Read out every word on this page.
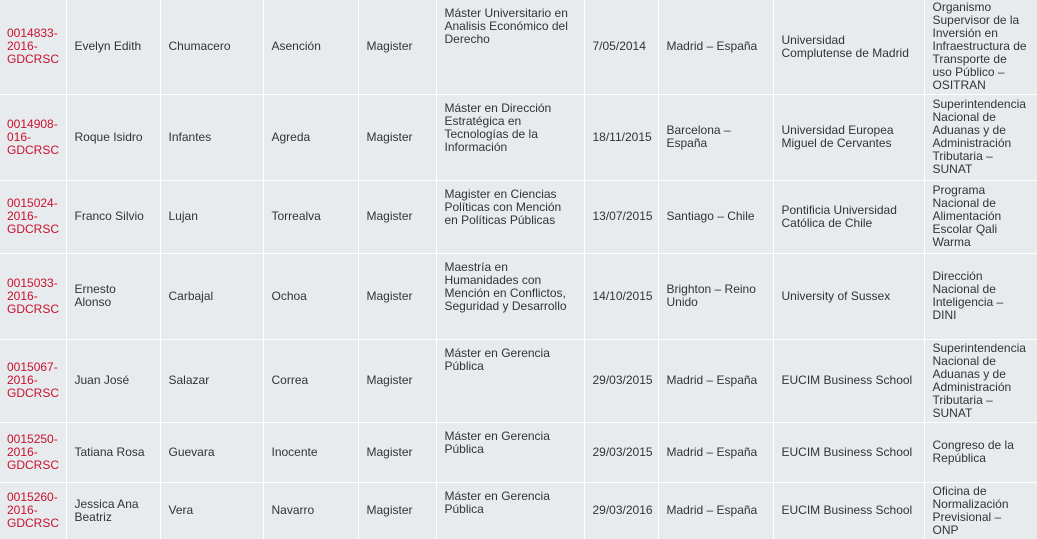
0014833-2016-GDCRSC	Evelyn Edith	Chumacero	Asención	Magister	Máster Universitario en Analisis Económico del Derecho	7/05/2014	Madrid – España	Universidad Complutense de Madrid	Organismo Supervisor de la Inversión en Infraestructura de Transporte de uso Público – OSITRAN
0014908-016-GDCRSC	Roque Isidro	Infantes	Agreda	Magister	Máster en Dirección Estratégica en Tecnologías de la Información	18/11/2015	Barcelona – España	Universidad Europea Miguel de Cervantes	Superintendencia Nacional de Aduanas y de Administración Tributaria – SUNAT
0015024-2016-GDCRSC	Franco Silvio	Lujan	Torrealva	Magister	Magister en Ciencias Políticas con Mención en Políticas Públicas	13/07/2015	Santiago – Chile	Pontificia Universidad Católica de Chile	Programa Nacional de Alimentación Escolar Qali Warma
0015033-2016-GDCRSC	Ernesto Alonso	Carbajal	Ochoa	Magister	Maestría en Humanidades con Mención en Conflictos, Seguridad y Desarrollo	14/10/2015	Brighton – Reino Unido	University of Sussex	Dirección Nacional de Inteligencia – DINI
0015067-2016-GDCRSC	Juan José	Salazar	Correa	Magister	Máster en Gerencia Pública	29/03/2015	Madrid – España	EUCIM Business School	Superintendencia Nacional de Aduanas y de Administración Tributaria – SUNAT
0015250-2016-GDCRSC	Tatiana Rosa	Guevara	Inocente	Magister	Máster en Gerencia Pública	29/03/2015	Madrid – España	EUCIM Business School	Congreso de la República
0015260-2016-GDCRSC	Jessica Ana Beatriz	Vera	Navarro	Magister	Máster en Gerencia Pública	29/03/2016	Madrid – España	EUCIM Business School	Oficina de Normalización Previsional – ONP
